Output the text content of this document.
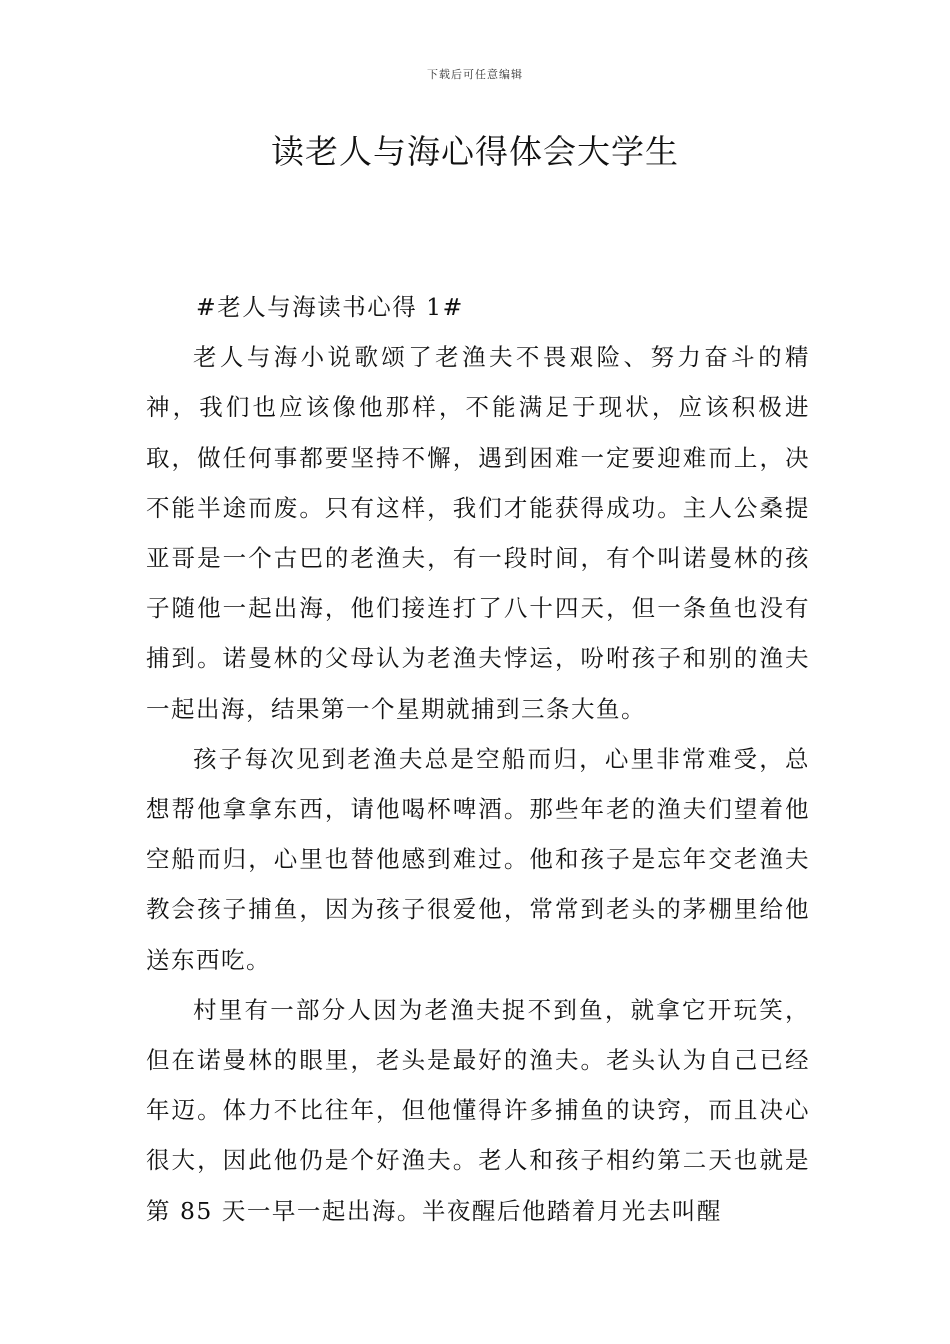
下载后可任意编辑
读老人与海心得体会大学生
#老人与海读书心得 1#

老人与海小说歌颂了老渔夫不畏艰险、努力奋斗的精神，我们也应该像他那样，不能满足于现状，应该积极进取，做任何事都要坚持不懈，遇到困难一定要迎难而上，决不能半途而废。只有这样，我们才能获得成功。主人公桑提亚哥是一个古巴的老渔夫，有一段时间，有个叫诺曼林的孩子随他一起出海，他们接连打了八十四天，但一条鱼也没有捕到。诺曼林的父母认为老渔夫悖运，吩咐孩子和别的渔夫一起出海，结果第一个星期就捕到三条大鱼。

孩子每次见到老渔夫总是空船而归，心里非常难受，总想帮他拿拿东西，请他喝杯啤酒。那些年老的渔夫们望着他空船而归，心里也替他感到难过。他和孩子是忘年交老渔夫教会孩子捕鱼，因为孩子很爱他，常常到老头的茅棚里给他送东西吃。

村里有一部分人因为老渔夫捉不到鱼，就拿它开玩笑，但在诺曼林的眼里，老头是最好的渔夫。老头认为自己已经年迈。体力不比往年，但他懂得许多捕鱼的诀窍，而且决心很大，因此他仍是个好渔夫。老人和孩子相约第二天也就是第 85 天一早一起出海。半夜醒后他踏着月光去叫醒
